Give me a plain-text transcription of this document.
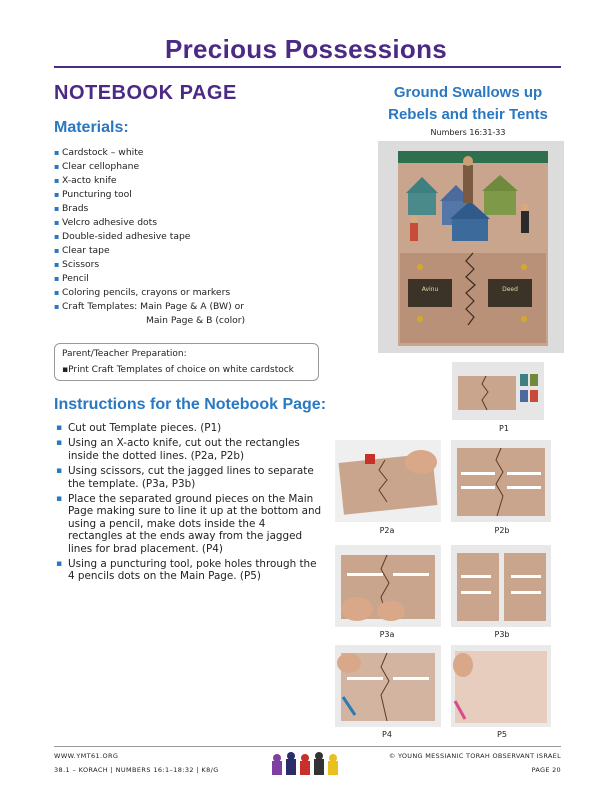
Precious Possessions
NOTEBOOK PAGE
Materials:
▪ Cardstock – white
▪ Clear cellophane
▪ X-acto knife
▪ Puncturing tool
▪ Brads
▪ Velcro adhesive dots
▪ Double-sided adhesive tape
▪ Clear tape
▪ Scissors
▪ Pencil
▪ Coloring pencils, crayons or markers
▪ Craft Templates: Main Page & A (BW) or
Main Page & B (color)
Parent/Teacher Preparation:
▪Print Craft Templates of choice on white cardstock
Instructions for the Notebook Page:
▪ Cut out Template pieces. (P1)
▪ Using an X-acto knife, cut out the rectangles inside the dotted lines. (P2a, P2b)
▪ Using scissors, cut the jagged lines to separate the template. (P3a, P3b)
▪ Place the separated ground pieces on the Main Page making sure to line it up at the bottom and using a pencil, make dots inside the 4 rectangles at the ends away from the jagged lines for brad placement. (P4)
▪ Using a puncturing tool, poke holes through the 4 pencils dots on the Main Page. (P5)
Ground Swallows up
Rebels and their Tents
Numbers 16:31-33
Avinu	Deed
P1
P2a	P2b
P3a	P3b
P4	P5
WWW.YMT61.ORG
38.1 – KORACH | NUMBERS 16:1–18:32 | K8/G
© YOUNG MESSIANIC TORAH OBSERVANT ISRAEL
PAGE 20
